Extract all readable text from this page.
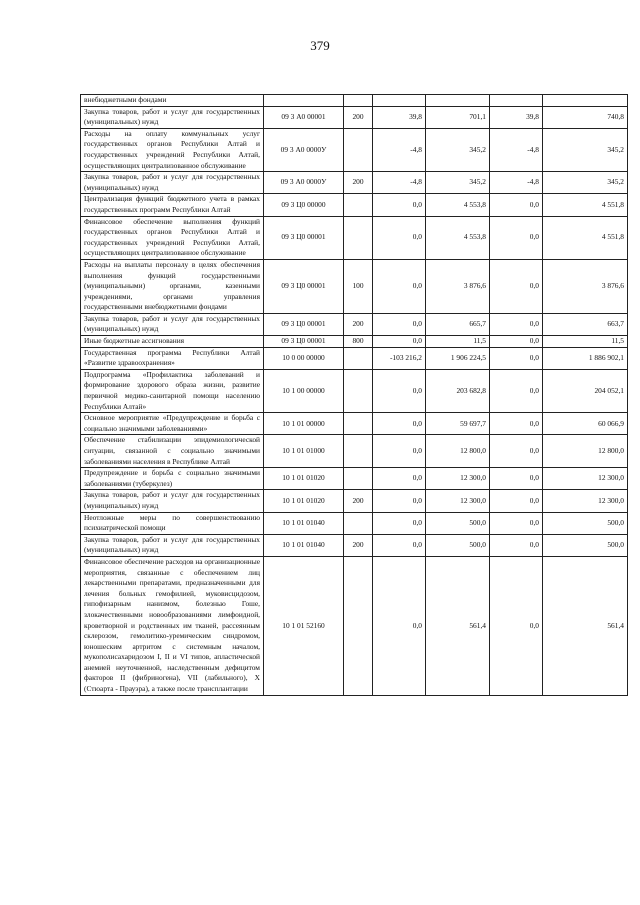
379
внебюджетными фондами						
Закупка товаров, работ и услуг для государственных (муниципальных) нужд	09 3 А0 00001	200	39,8	701,1	39,8	740,8
Расходы на оплату коммунальных услуг государственных органов Республики Алтай и государственных учреждений Республики Алтай, осуществляющих централизованное обслуживание	09 3 А0 0000У		-4,8	345,2	-4,8	345,2
Закупка товаров, работ и услуг для государственных (муниципальных) нужд	09 3 А0 0000У	200	-4,8	345,2	-4,8	345,2
Централизация функций бюджетного учета в рамках государственных программ Республики Алтай	09 3 Ц0 00000		0,0	4 553,8	0,0	4 551,8
Финансовое обеспечение выполнения функций государственных органов Республики Алтай и государственных учреждений Республики Алтай, осуществляющих централизованное обслуживание	09 3 Ц0 00001		0,0	4 553,8	0,0	4 551,8
Расходы на выплаты персоналу в целях обеспечения выполнения функций государственными (муниципальными) органами, казенными учреждениями, органами управления государственными внебюджетными фондами	09 3 Ц0 00001	100	0,0	3 876,6	0,0	3 876,6
Закупка товаров, работ и услуг для государственных (муниципальных) нужд	09 3 Ц0 00001	200	0,0	665,7	0,0	663,7
Иные бюджетные ассигнования	09 3 Ц0 00001	800	0,0	11,5	0,0	11,5
Государственная программа Республики Алтай «Развитие здравоохранения»	10 0 00 00000		-103 216,2	1 906 224,5	0,0	1 886 902,1
Подпрограмма «Профилактика заболеваний и формирование здорового образа жизни, развитие первичной медико-санитарной помощи населению Республики Алтай»	10 1 00 00000		0,0	203 682,8	0,0	204 052,1
Основное мероприятие «Предупреждение и борьба с социально значимыми заболеваниями»	10 1 01 00000		0,0	59 697,7	0,0	60 066,9
Обеспечение стабилизации эпидемиологической ситуации, связанной с социально значимыми заболеваниями населения в Республике Алтай	10 1 01 01000		0,0	12 800,0	0,0	12 800,0
Предупреждение и борьба с социально значимыми заболеваниями (туберкулез)	10 1 01 01020		0,0	12 300,0	0,0	12 300,0
Закупка товаров, работ и услуг для государственных (муниципальных) нужд	10 1 01 01020	200	0,0	12 300,0	0,0	12 300,0
Неотложные меры по совершенствованию психиатрической помощи	10 1 01 01040		0,0	500,0	0,0	500,0
Закупка товаров, работ и услуг для государственных (муниципальных) нужд	10 1 01 01040	200	0,0	500,0	0,0	500,0
Финансовое обеспечение расходов на организационные мероприятия, связанные с обеспечением лиц лекарственными препаратами, предназначенными для лечения больных гемофилией, муковисцидозом, гипофизарным нанизмом, болезнью Гоше, злокачественными новообразованиями лимфоидной, кроветворной и родственных им тканей, рассеянным склерозом, гемолитико-уремическим синдромом, юношеским артритом с системным началом, мукополисахаридозом I, II и VI типов, апластической анемией неуточненной, наследственным дефицитом факторов II (фибриногена), VII (лабильного), X (Стюарта - Прауэра), а также после трансплантации	10 1 01 52160		0,0	561,4	0,0	561,4
